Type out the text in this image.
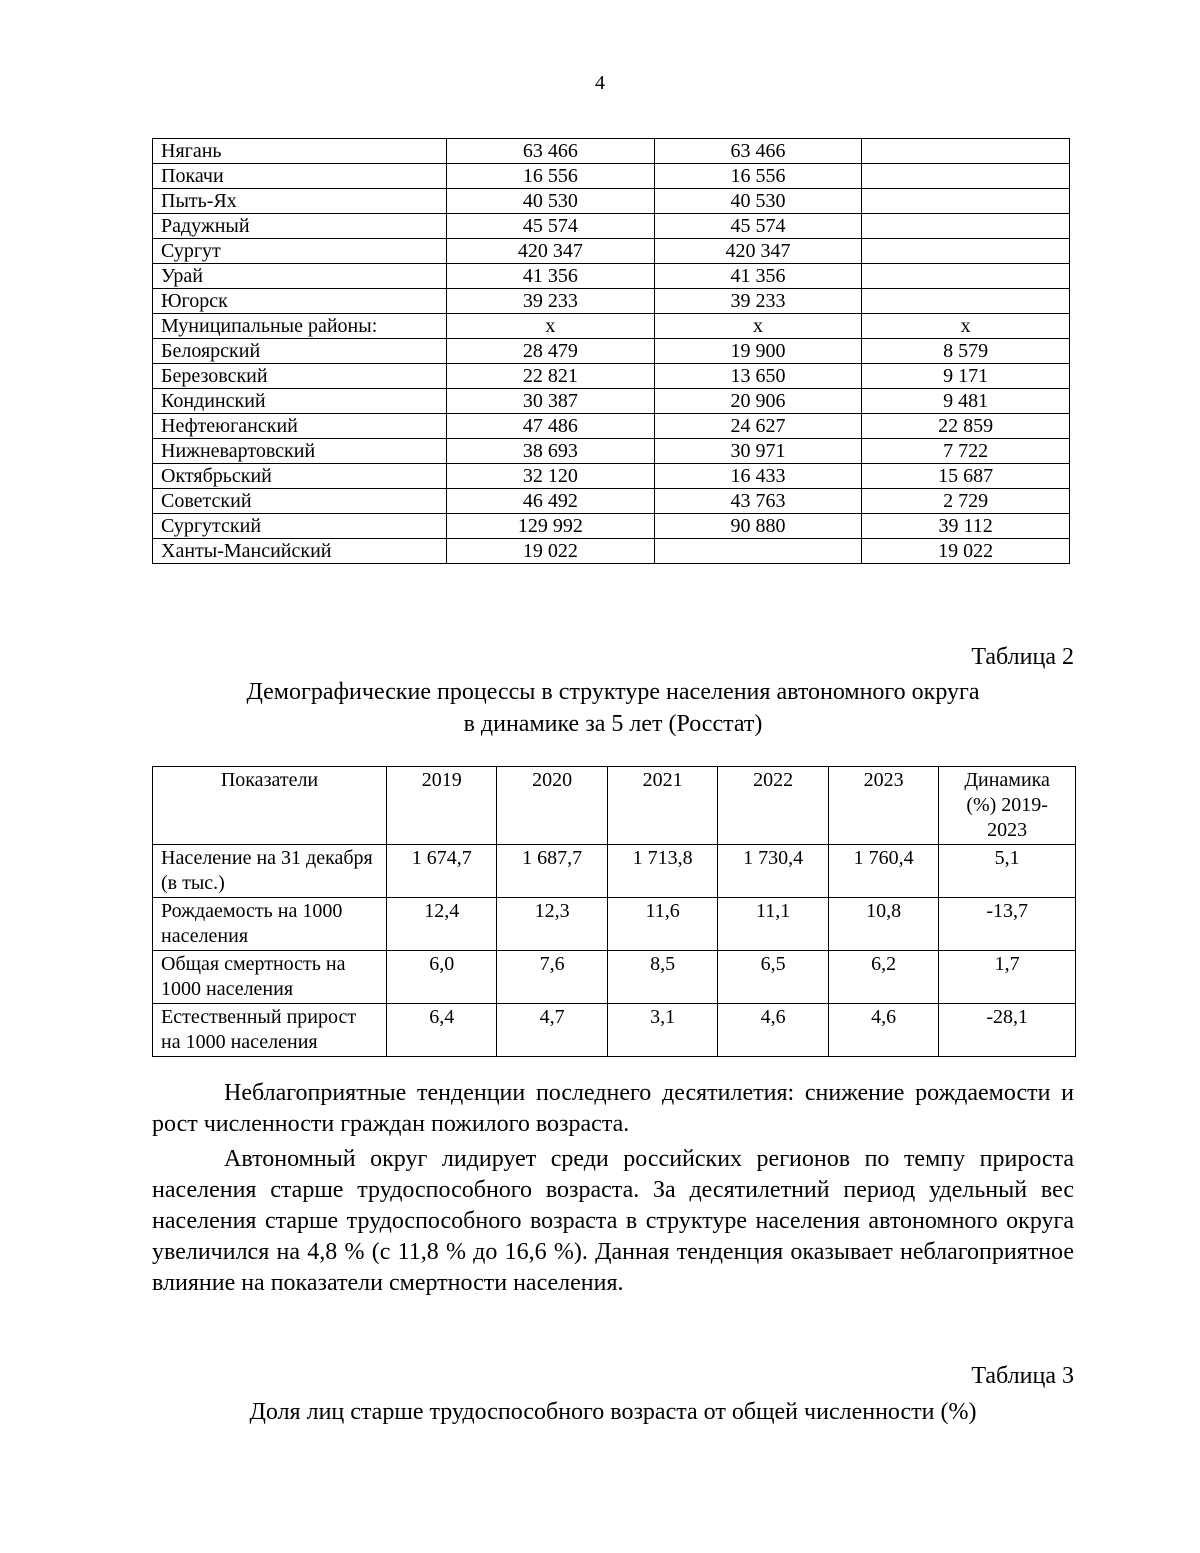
4
Нягань	63 466	63 466	
Покачи	16 556	16 556	
Пыть-Ях	40 530	40 530	
Радужный	45 574	45 574	
Сургут	420 347	420 347	
Урай	41 356	41 356	
Югорск	39 233	39 233	
Муниципальные районы:	х	х	х
Белоярский	28 479	19 900	8 579
Березовский	22 821	13 650	9 171
Кондинский	30 387	20 906	9 481
Нефтеюганский	47 486	24 627	22 859
Нижневартовский	38 693	30 971	7 722
Октябрьский	32 120	16 433	15 687
Советский	46 492	43 763	2 729
Сургутский	129 992	90 880	39 112
Ханты-Мансийский	19 022		19 022
Таблица 2
Демографические процессы в структуре населения автономного округа
в динамике за 5 лет (Росстат)
Показатели	2019	2020	2021	2022	2023	Динамика (%) 2019-2023
Население на 31 декабря (в тыс.)	1 674,7	1 687,7	1 713,8	1 730,4	1 760,4	5,1
Рождаемость на 1000 населения	12,4	12,3	11,6	11,1	10,8	-13,7
Общая смертность на 1000 населения	6,0	7,6	8,5	6,5	6,2	1,7
Естественный прирост на 1000 населения	6,4	4,7	3,1	4,6	4,6	-28,1

Неблагоприятные тенденции последнего десятилетия: снижение рождаемости и рост численности граждан пожилого возраста.

Автономный округ лидирует среди российских регионов по темпу прироста населения старше трудоспособного возраста. За десятилетний период удельный вес населения старше трудоспособного возраста в структуре населения автономного округа увеличился на 4,8 % (с 11,8 % до 16,6 %). Данная тенденция оказывает неблагоприятное влияние на показатели смертности населения.

Таблица 3
Доля лиц старше трудоспособного возраста от общей численности (%)
